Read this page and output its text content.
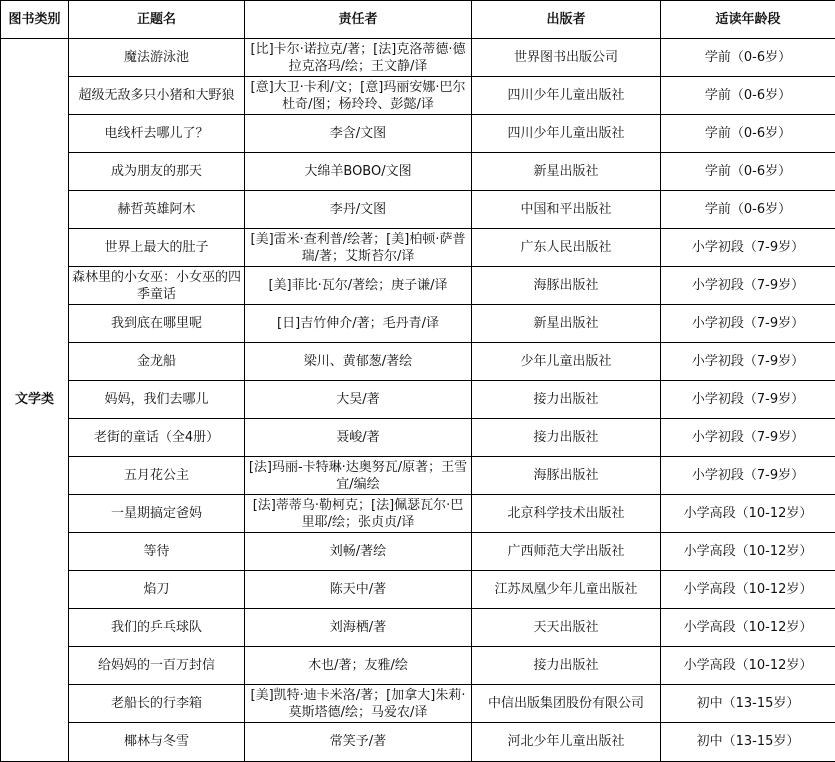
图书类别	正题名	责任者	出版者	适读年龄段
文学类	魔法游泳池	[比]卡尔·诺拉克/著；[法]克洛蒂德·德拉克洛玛/绘；王文静/译	世界图书出版公司	学前（0-6岁）
	超级无敌多只小猪和大野狼	[意]大卫·卡利/文；[意]玛丽安娜·巴尔杜奇/图；杨玲玲、彭懿/译	四川少年儿童出版社	学前（0-6岁）
	电线杆去哪儿了？	李含/文图	四川少年儿童出版社	学前（0-6岁）
	成为朋友的那天	大绵羊BOBO/文图	新星出版社	学前（0-6岁）
	赫哲英雄阿木	李丹/文图	中国和平出版社	学前（0-6岁）
	世界上最大的肚子	[美]雷米·查利普/绘著；[美]柏顿·萨普瑞/著；艾斯苔尔/译	广东人民出版社	小学初段（7-9岁）
	森林里的小女巫：小女巫的四季童话	[美]菲比·瓦尔/著绘；庚子谦/译	海豚出版社	小学初段（7-9岁）
	我到底在哪里呢	[日]吉竹伸介/著；毛丹青/译	新星出版社	小学初段（7-9岁）
	金龙船	梁川、黄郁葱/著绘	少年儿童出版社	小学初段（7-9岁）
	妈妈，我们去哪儿	大吴/著	接力出版社	小学初段（7-9岁）
	老街的童话（全4册）	聂峻/著	接力出版社	小学初段（7-9岁）
	五月花公主	[法]玛丽-卡特琳·达奥努瓦/原著；王雪宜/编绘	海豚出版社	小学初段（7-9岁）
	一星期搞定爸妈	[法]蒂蒂乌·勒柯克；[法]佩瑟瓦尔·巴里耶/绘；张贞贞/译	北京科学技术出版社	小学高段（10-12岁）
	等待	刘畅/著绘	广西师范大学出版社	小学高段（10-12岁）
	焰刀	陈天中/著	江苏凤凰少年儿童出版社	小学高段（10-12岁）
	我们的乒乓球队	刘海栖/著	天天出版社	小学高段（10-12岁）
	给妈妈的一百万封信	木也/著；友雅/绘	接力出版社	小学高段（10-12岁）
	老船长的行李箱	[美]凯特·迪卡米洛/著；[加拿大]朱莉·莫斯塔德/绘；马爱农/译	中信出版集团股份有限公司	初中（13-15岁）
	椰林与冬雪	常笑予/著	河北少年儿童出版社	初中（13-15岁）
